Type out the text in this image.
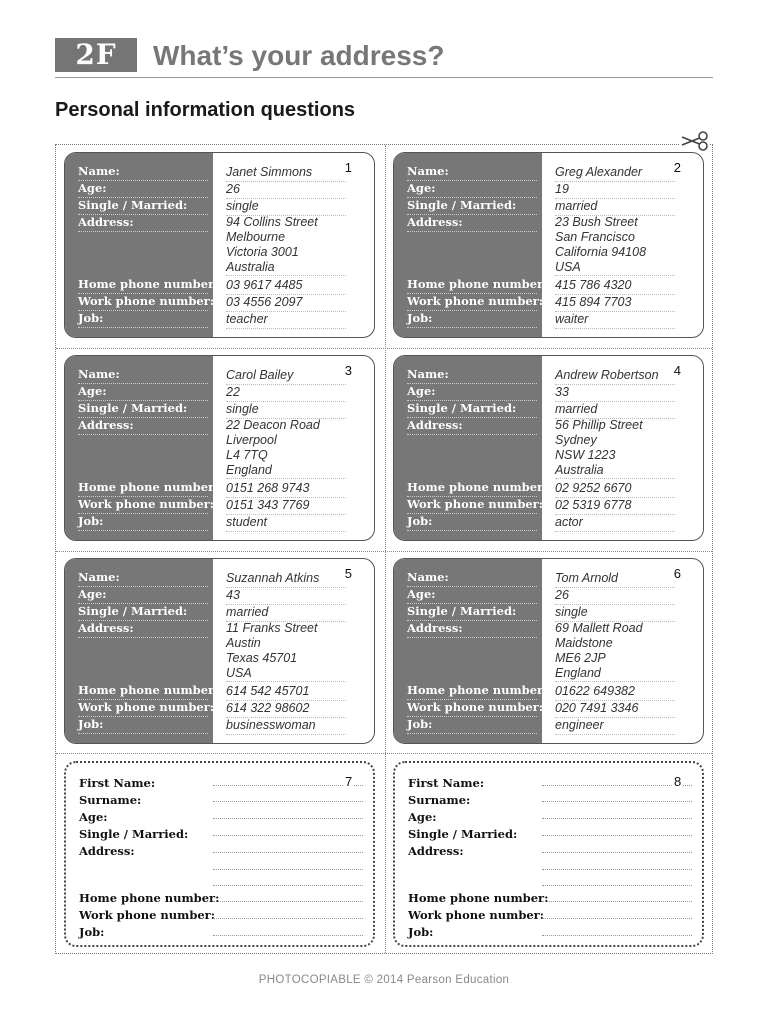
2F	What’s your address?
Personal information questions
1
Name:	Janet Simmons
Age:	26
Single / Married:	single
Address:	94 Collins Street
Melbourne
Victoria 3001
Australia
Home phone number: 03 9617 4485
Work phone number: 03 4556 2097
Job:	teacher
2
Name:	Greg Alexander
Age:	19
Single / Married:	married
Address:	23 Bush Street
San Francisco
California 94108
USA
Home phone number: 415 786 4320
Work phone number: 415 894 7703
Job:	waiter
3
Name:	Carol Bailey
Age:	22
Single / Married:	single
Address:	22 Deacon Road
Liverpool
L4 7TQ
England
Home phone number: 0151 268 9743
Work phone number: 0151 343 7769
Job:	student
4
Name:	Andrew Robertson
Age:	33
Single / Married:	married
Address:	56 Phillip Street
Sydney
NSW 1223
Australia
Home phone number: 02 9252 6670
Work phone number: 02 5319 6778
Job:	actor
5
Name:	Suzannah Atkins
Age:	43
Single / Married:	married
Address:	11 Franks Street
Austin
Texas 45701
USA
Home phone number: 614 542 45701
Work phone number: 614 322 98602
Job:	businesswoman
6
Name:	Tom Arnold
Age:	26
Single / Married:	single
Address:	69 Mallett Road
Maidstone
ME6 2JP
England
Home phone number: 01622 649382
Work phone number: 020 7491 3346
Job:	engineer
First Name:
Surname:
Age:
Single / Married:
Address:
Home phone number:
Work phone number:
Job:
7	First Name:
Surname:
Age:
Single / Married:
Address:
Home phone number:
Work phone number:
Job:
8
PHOTOCOPIABLE © 2014 Pearson Education
